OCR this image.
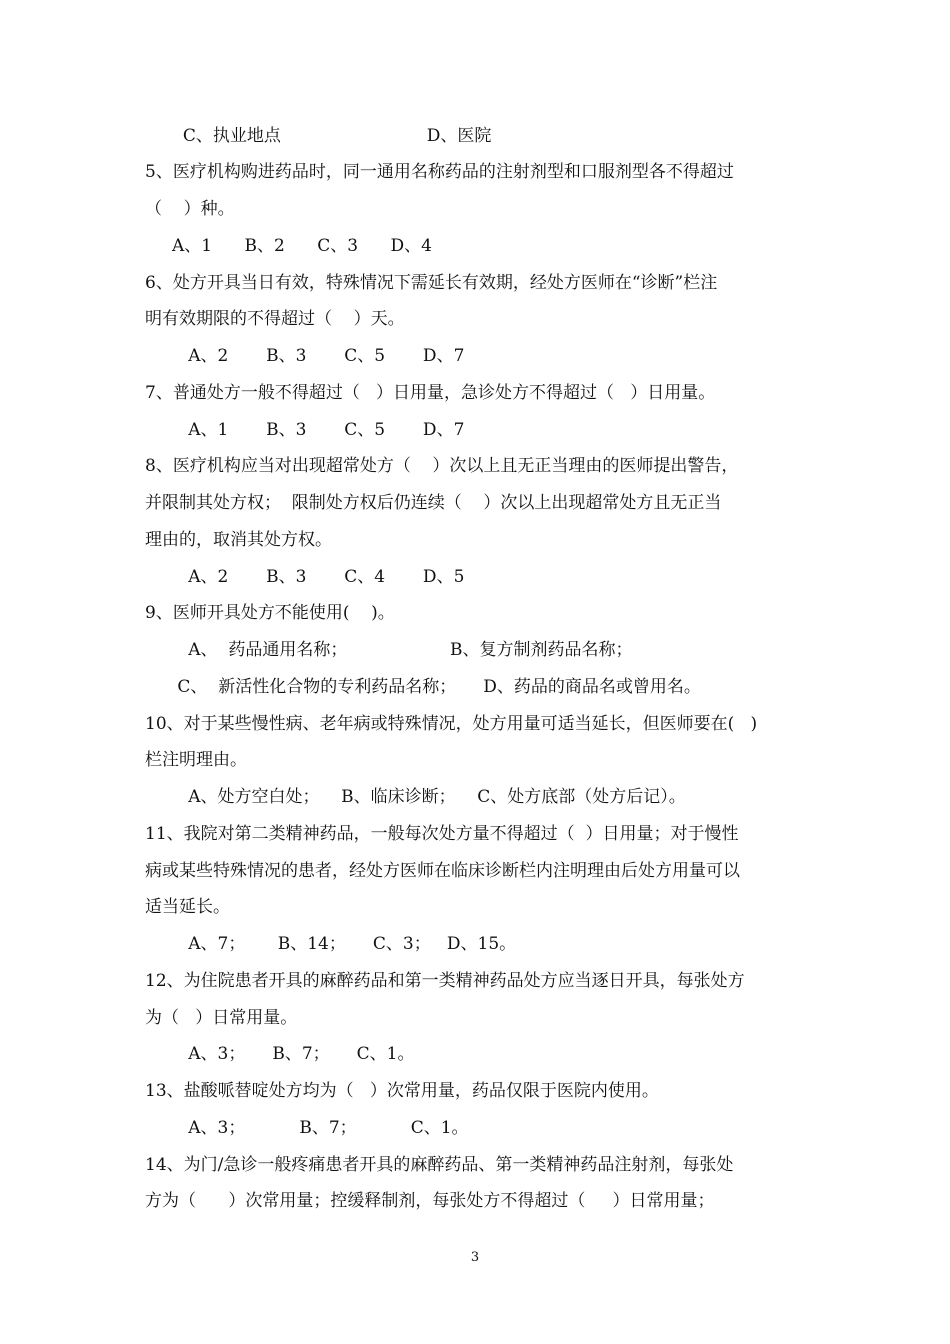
C、执业地点                           D、医院
5、医疗机构购进药品时，同一通用名称药品的注射剂型和口服剂型各不得超过
（    ）种。
A、1      B、2      C、3      D、4
6、处方开具当日有效，特殊情况下需延长有效期，经处方医师在“诊断”栏注
明有效期限的不得超过（    ）天。
A、2       B、3       C、5       D、7
7、普通处方一般不得超过（   ）日用量，急诊处方不得超过（   ）日用量。
A、1       B、3       C、5       D、7
8、医疗机构应当对出现超常处方（    ）次以上且无正当理由的医师提出警告，
并限制其处方权；  限制处方权后仍连续（    ）次以上出现超常处方且无正当
理由的，取消其处方权。
A、2       B、3       C、4       D、5
9、医师开具处方不能使用(    )。
A、  药品通用名称；                   B、复方制剂药品名称；
C、  新活性化合物的专利药品名称；     D、药品的商品名或曾用名。
10、对于某些慢性病、老年病或特殊情况，处方用量可适当延长，但医师要在(   )
栏注明理由。
A、处方空白处；    B、临床诊断；    C、处方底部（处方后记）。
11、我院对第二类精神药品，一般每次处方量不得超过（  ）日用量；对于慢性
病或某些特殊情况的患者，经处方医师在临床诊断栏内注明理由后处方用量可以
适当延长。
A、7；      B、14；     C、3；   D、15。
12、为住院患者开具的麻醉药品和第一类精神药品处方应当逐日开具，每张处方
为（   ）日常用量。
A、3；     B、7；     C、1。
13、盐酸哌替啶处方均为（   ）次常用量，药品仅限于医院内使用。
A、3；          B、7；          C、1。
14、为门/急诊一般疼痛患者开具的麻醉药品、第一类精神药品注射剂，每张处
方为（      ）次常用量；控缓释制剂，每张处方不得超过（     ）日常用量；
3
